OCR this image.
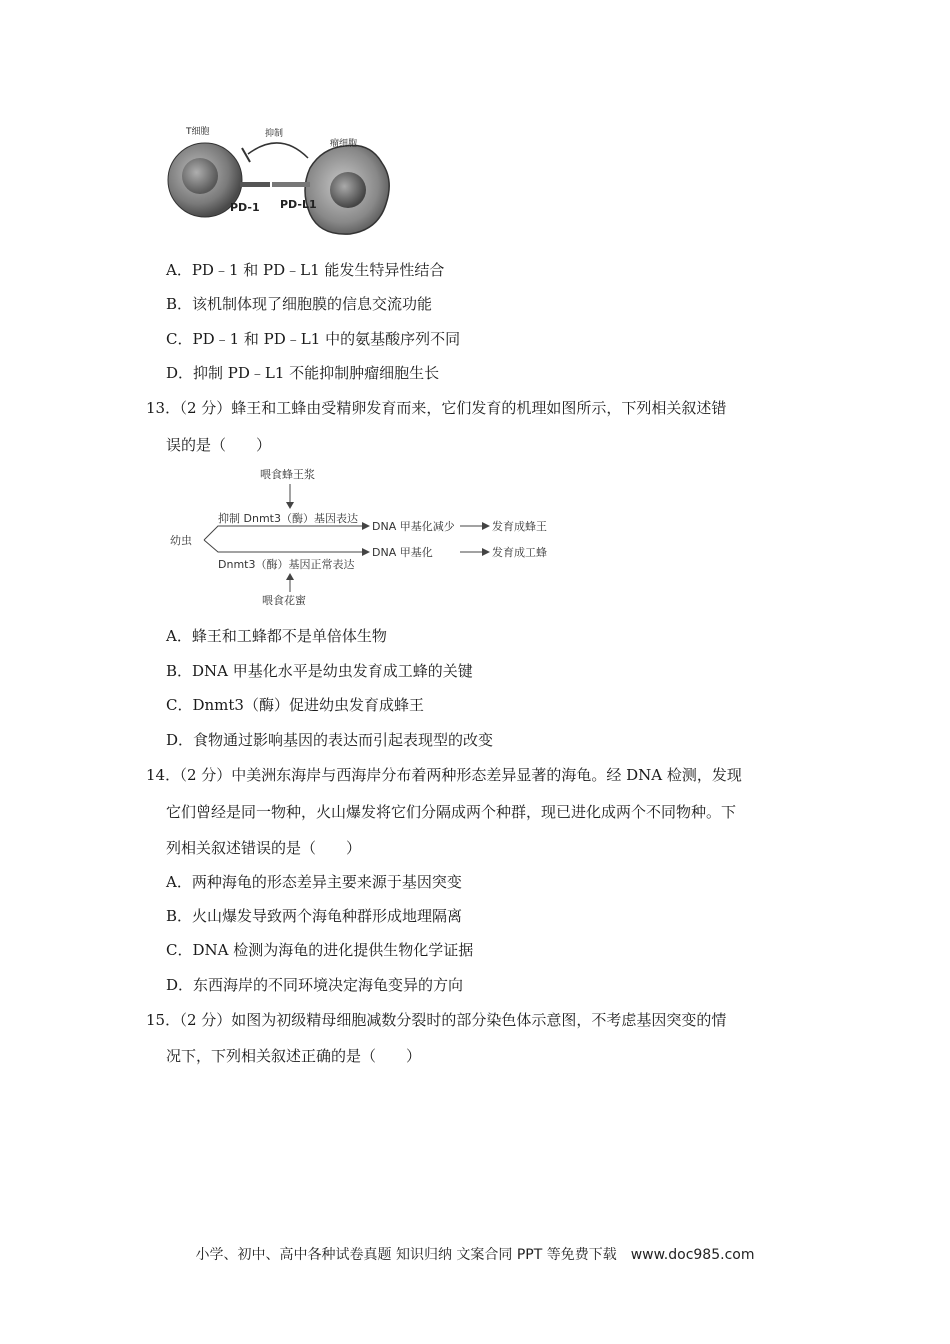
T细胞	抑制
瘤细胞
PD-1 PD-L1
A．PD﹣1 和 PD﹣L1 能发生特异性结合
B．该机制体现了细胞膜的信息交流功能
C．PD﹣1 和 PD﹣L1 中的氨基酸序列不同
D．抑制 PD﹣L1 不能抑制肿瘤细胞生长
13．
（2 分）蜂王和工蜂由受精卵发育而来，它们发育的机理如图所示，下列相关叙述错
误的是（　　）
喂食蜂王浆
抑制 Dnmt3（酶）基因表达
幼虫
DNA 甲基化减少
DNA 甲基化
发育成蜂王
发育成工蜂
Dnmt3（酶）基因正常表达
喂食花蜜
A．蜂王和工蜂都不是单倍体生物
B．DNA 甲基化水平是幼虫发育成工蜂的关键
C．Dnmt3（酶）促进幼虫发育成蜂王
D．食物通过影响基因的表达而引起表现型的改变
14．
（2 分）中美洲东海岸与西海岸分布着两种形态差异显著的海龟。经 DNA 检测，发现
它们曾经是同一物种，火山爆发将它们分隔成两个种群，现已进化成两个不同物种。下
列相关叙述错误的是（　　）
A．两种海龟的形态差异主要来源于基因突变
B．火山爆发导致两个海龟种群形成地理隔离
C．DNA 检测为海龟的进化提供生物化学证据
D．东西海岸的不同环境决定海龟变异的方向
15．
（2 分）如图为初级精母细胞减数分裂时的部分染色体示意图，不考虑基因突变的情
况下，下列相关叙述正确的是（　　）
小学、初中、高中各种试卷真题 知识归纳 文案合同 PPT 等免费下载　www.doc985.com
